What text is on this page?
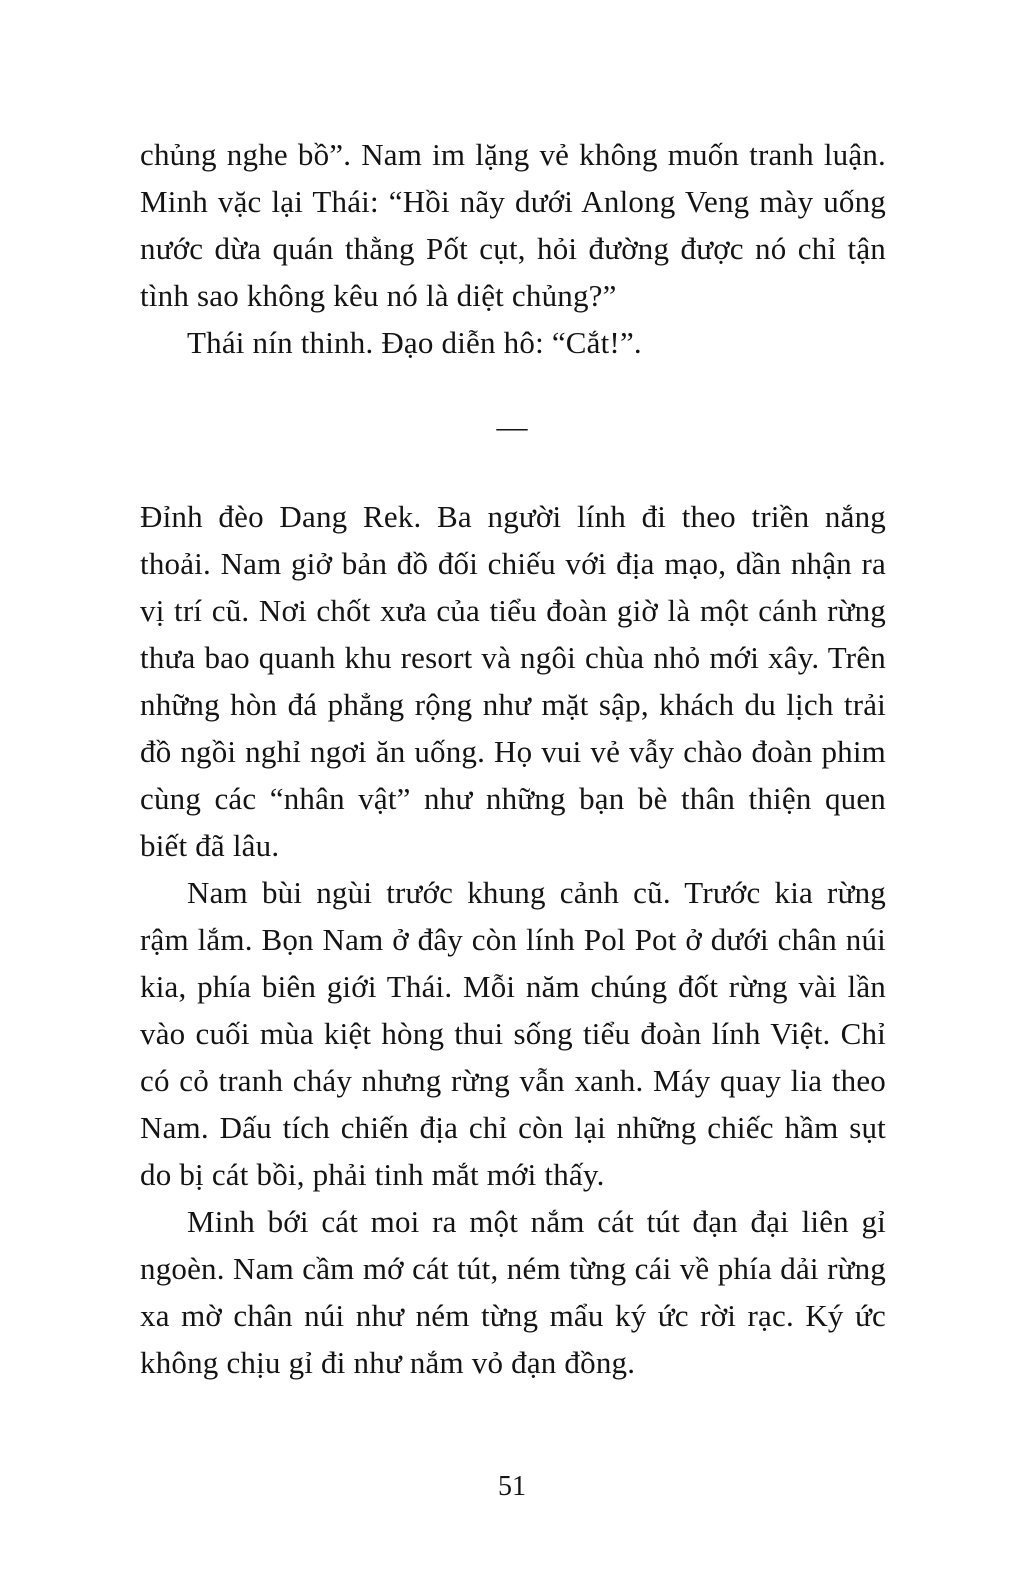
chủng nghe bồ”. Nam im lặng vẻ không muốn tranh luận. Minh vặc lại Thái: “Hồi nãy dưới Anlong Veng mày uống nước dừa quán thằng Pốt cụt, hỏi đường được nó chỉ tận tình sao không kêu nó là diệt chủng?”

Thái nín thinh. Đạo diễn hô: “Cắt!”.

—

Đỉnh đèo Dang Rek. Ba người lính đi theo triền nắng thoải. Nam giở bản đồ đối chiếu với địa mạo, dần nhận ra vị trí cũ. Nơi chốt xưa của tiểu đoàn giờ là một cánh rừng thưa bao quanh khu resort và ngôi chùa nhỏ mới xây. Trên những hòn đá phẳng rộng như mặt sập, khách du lịch trải đồ ngồi nghỉ ngơi ăn uống. Họ vui vẻ vẫy chào đoàn phim cùng các “nhân vật” như những bạn bè thân thiện quen biết đã lâu.

Nam bùi ngùi trước khung cảnh cũ. Trước kia rừng rậm lắm. Bọn Nam ở đây còn lính Pol Pot ở dưới chân núi kia, phía biên giới Thái. Mỗi năm chúng đốt rừng vài lần vào cuối mùa kiệt hòng thui sống tiểu đoàn lính Việt. Chỉ có cỏ tranh cháy nhưng rừng vẫn xanh. Máy quay lia theo Nam. Dấu tích chiến địa chỉ còn lại những chiếc hầm sụt do bị cát bồi, phải tinh mắt mới thấy.

Minh bới cát moi ra một nắm cát tút đạn đại liên gỉ ngoèn. Nam cầm mớ cát tút, ném từng cái về phía dải rừng xa mờ chân núi như ném từng mẩu ký ức rời rạc. Ký ức không chịu gỉ đi như nắm vỏ đạn đồng.

51
